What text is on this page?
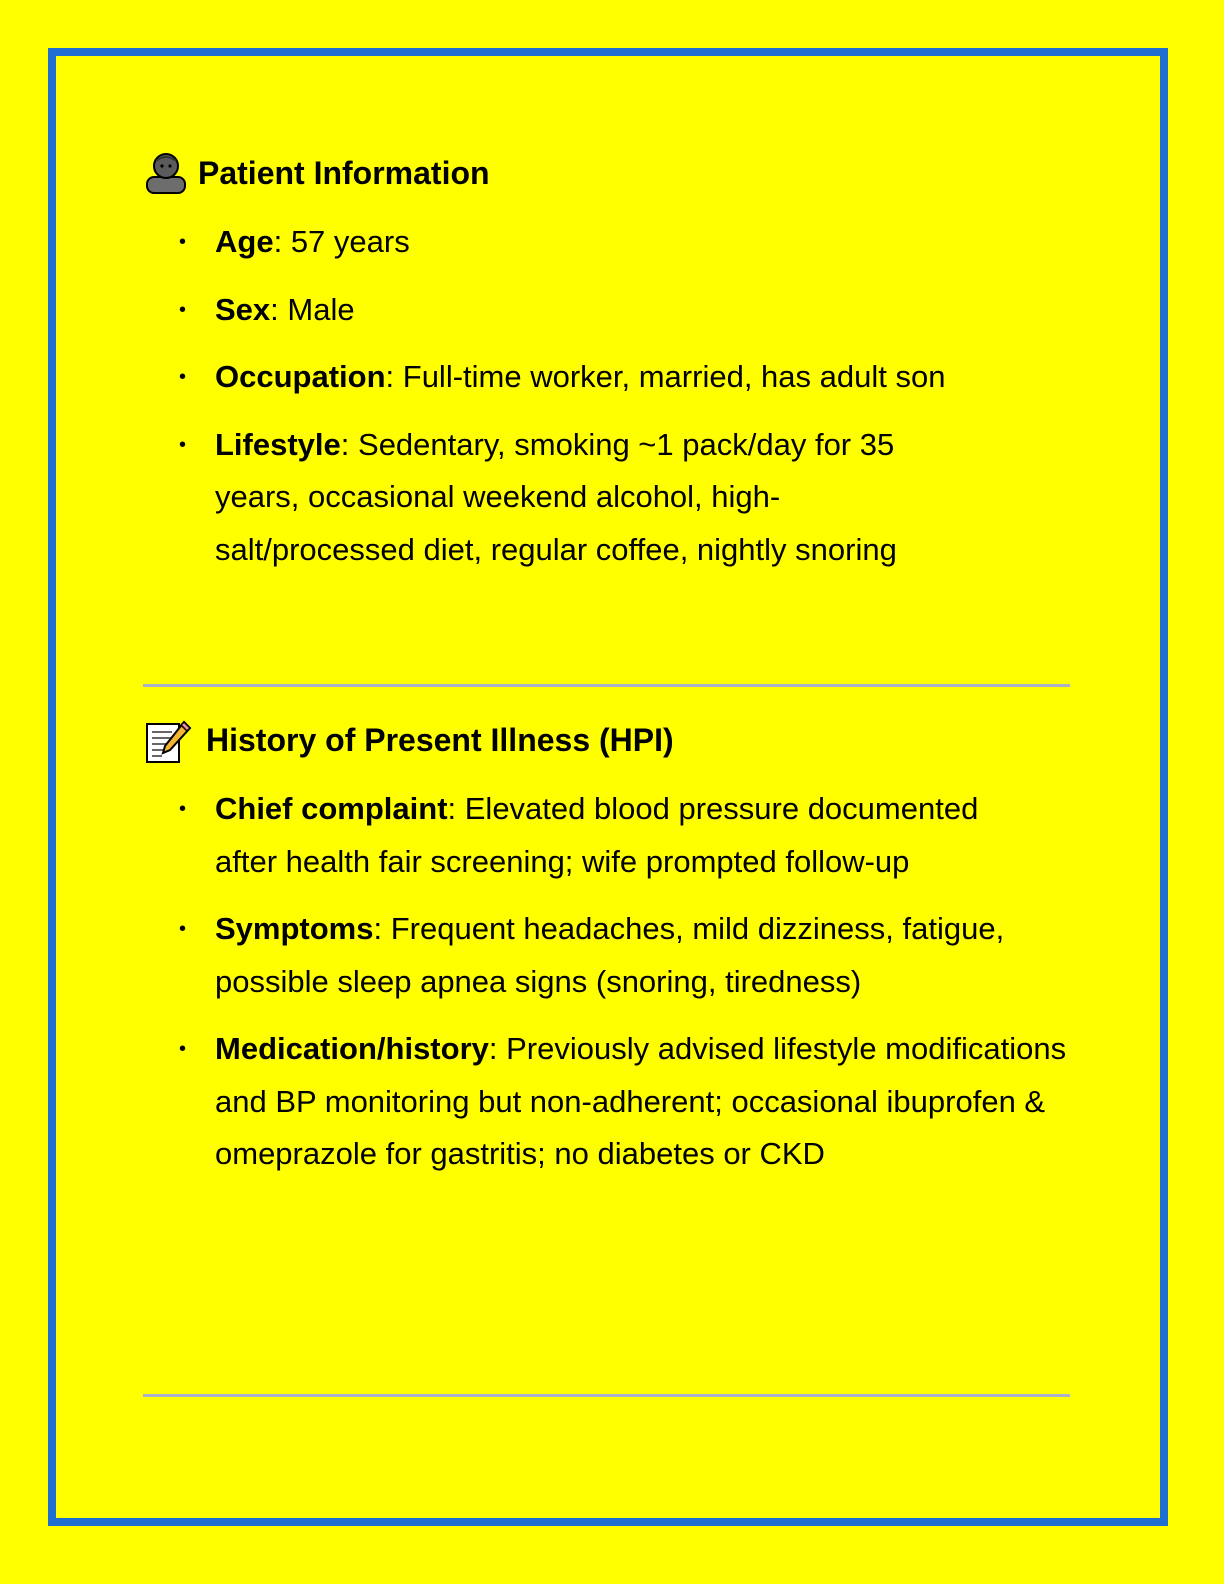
Patient Information
• Age: 57 years
• Sex: Male
• Occupation: Full-time worker, married, has adult son
• Lifestyle: Sedentary, smoking ~1 pack/day for 35 years, occasional weekend alcohol, high-salt/processed diet, regular coffee, nightly snoring
History of Present Illness (HPI)
• Chief complaint: Elevated blood pressure documented after health fair screening; wife prompted follow-up
• Symptoms: Frequent headaches, mild dizziness, fatigue, possible sleep apnea signs (snoring, tiredness)
• Medication/history: Previously advised lifestyle modifications and BP monitoring but non-adherent; occasional ibuprofen & omeprazole for gastritis; no diabetes or CKD
